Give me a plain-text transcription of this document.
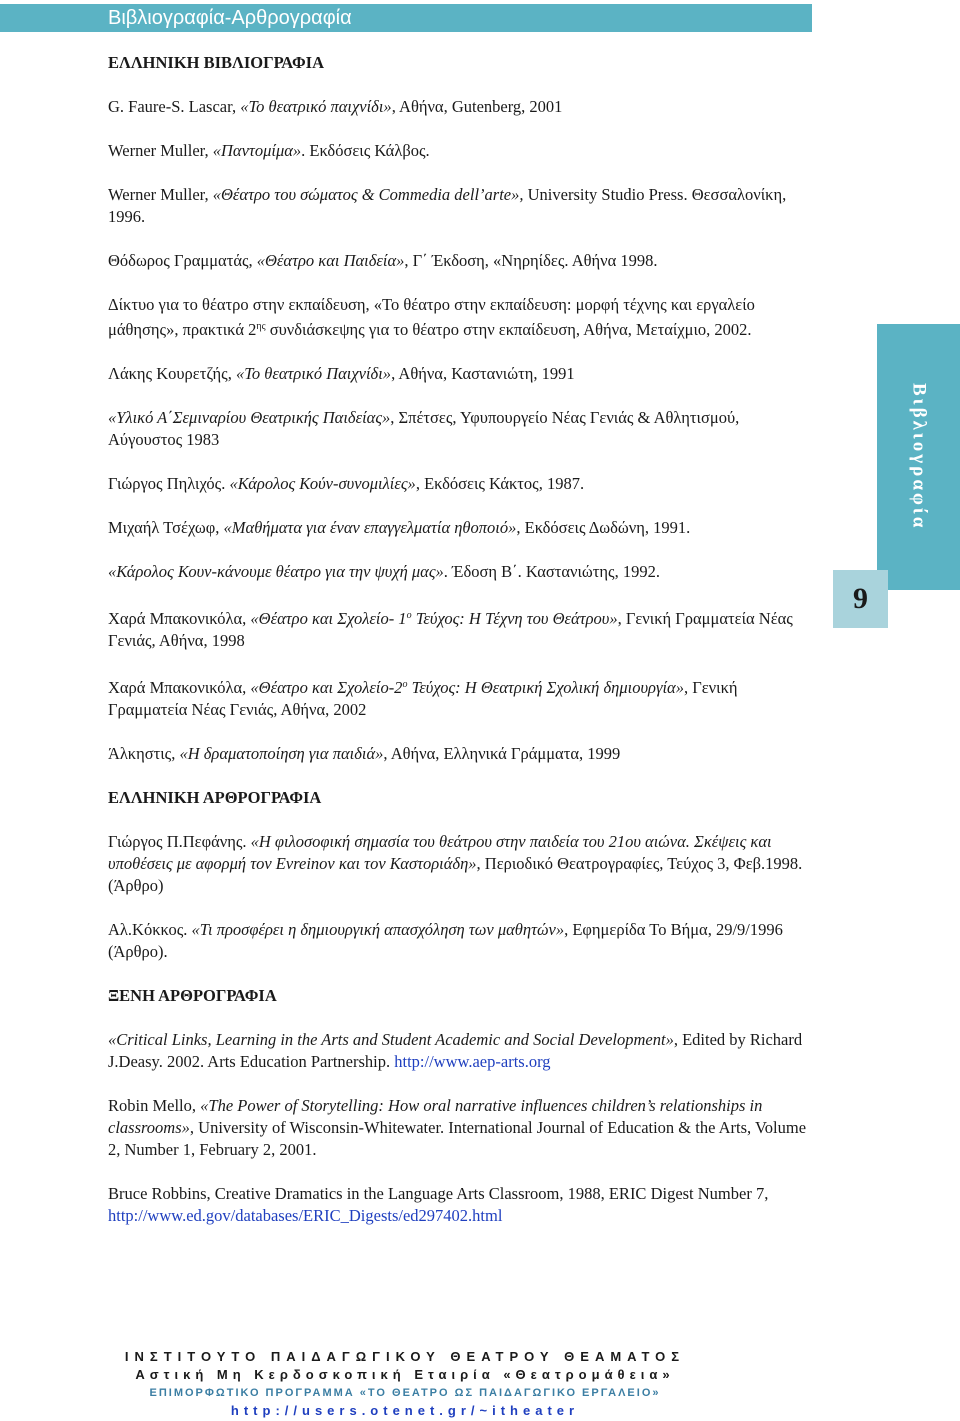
Βιβλιογραφία-Αρθρογραφία
Βιβλιογραφία
9

ΕΛΛΗΝΙΚΗ ΒΙΒΛΙΟΓΡΑΦΙΑ

G. Faure-S. Lascar, «Το θεατρικό παιχνίδι», Αθήνα, Gutenberg, 2001

Werner Muller, «Παντομίμα». Εκδόσεις Κάλβος.

Werner Muller, «Θέατρο του σώματος & Commedia dell’arte», University Studio Press. Θεσσαλονίκη, 1996.

Θόδωρος Γραμματάς, «Θέατρο και Παιδεία», Γ΄ Έκδοση, «Νηρηίδες. Αθήνα 1998.

Δίκτυο για το θέατρο στην εκπαίδευση, «Το θέατρο στην εκπαίδευση: μορφή τέχνης και εργαλείο μάθησης», πρακτικά $2^{\eta\varsigma}$ συνδιάσκεψης για το θέατρο στην εκπαίδευση, Αθήνα, Μεταίχμιο, 2002.

Λάκης Κουρετζής, «Το θεατρικό Παιχνίδι», Αθήνα, Καστανιώτη, 1991

«Υλικό Α΄Σεμιναρίου Θεατρικής Παιδείας», Σπέτσες, Υφυπουργείο Νέας Γενιάς & Αθλητισμού, Αύγουστος 1983

Γιώργος Πηλιχός. «Κάρολος Κούν-συνομιλίες», Εκδόσεις Κάκτος, 1987.

Μιχαήλ Τσέχωφ, «Μαθήματα για έναν επαγγελματία ηθοποιό», Εκδόσεις Δωδώνη, 1991.

«Κάρολος Κουν-κάνουμε θέατρο για την ψυχή μας». Έδοση Β΄. Καστανιώτης, 1992.

Χαρά Μπακονικόλα, «Θέατρο και Σχολείο- $1^o$ Τεύχος: Η Τέχνη του Θεάτρου», Γενική Γραμματεία Νέας Γενιάς, Αθήνα, 1998

Χαρά Μπακονικόλα, «Θέατρο και Σχολείο-$2^o$ Τεύχος: Η Θεατρική Σχολική δημιουργία», Γενική Γραμματεία Νέας Γενιάς, Αθήνα, 2002

Άλκηστις, «Η δραματοποίηση για παιδιά», Αθήνα, Ελληνικά Γράμματα, 1999

ΕΛΛΗΝΙΚΗ ΑΡΘΡΟΓΡΑΦΙΑ

Γιώργος Π.Πεφάνης. «Η φιλοσοφική σημασία του θεάτρου στην παιδεία του 21ου αιώνα. Σκέψεις και υποθέσεις με αφορμή τον Evreinov και τον Καστοριάδη», Περιοδικό Θεατρογραφίες, Τεύχος 3, Φεβ.1998. (Άρθρο)

Αλ.Κόκκος. «Τι προσφέρει η δημιουργική απασχόληση των μαθητών», Εφημερίδα Το Βήμα, 29/9/1996 (Άρθρο).

ΞΕΝΗ ΑΡΘΡΟΓΡΑΦΙΑ

«Critical Links, Learning in the Arts and Student Academic and Social Development», Edited by Richard J.Deasy. 2002. Arts Education Partnership. http://www.aep-arts.org

Robin Mello, «The Power of Storytelling: How oral narrative influences children’s relationships in classrooms», University of Wisconsin-Whitewater. International Journal of Education & the Arts, Volume 2, Number 1, February 2, 2001.

Bruce Robbins, Creative Dramatics in the Language Arts Classroom, 1988, ERIC Digest Number 7, http://www.ed.gov/databases/ERIC_Digests/ed297402.html

ΙΝΣΤΙΤΟΥΤΟ ΠΑΙΔΑΓΩΓΙΚΟΥ ΘΕΑΤΡΟΥ ΘΕΑΜΑΤΟΣ
Αστική Μη Κερδοσκοπική Εταιρία «Θεατρομάθεια»
ΕΠΙΜΟΡΦΩΤΙΚΟ ΠΡΟΓΡΑΜΜΑ «ΤΟ ΘΕΑΤΡΟ ΩΣ ΠΑΙΔΑΓΩΓΙΚΟ ΕΡΓΑΛΕΙΟ»
http://users.otenet.gr/~itheater
